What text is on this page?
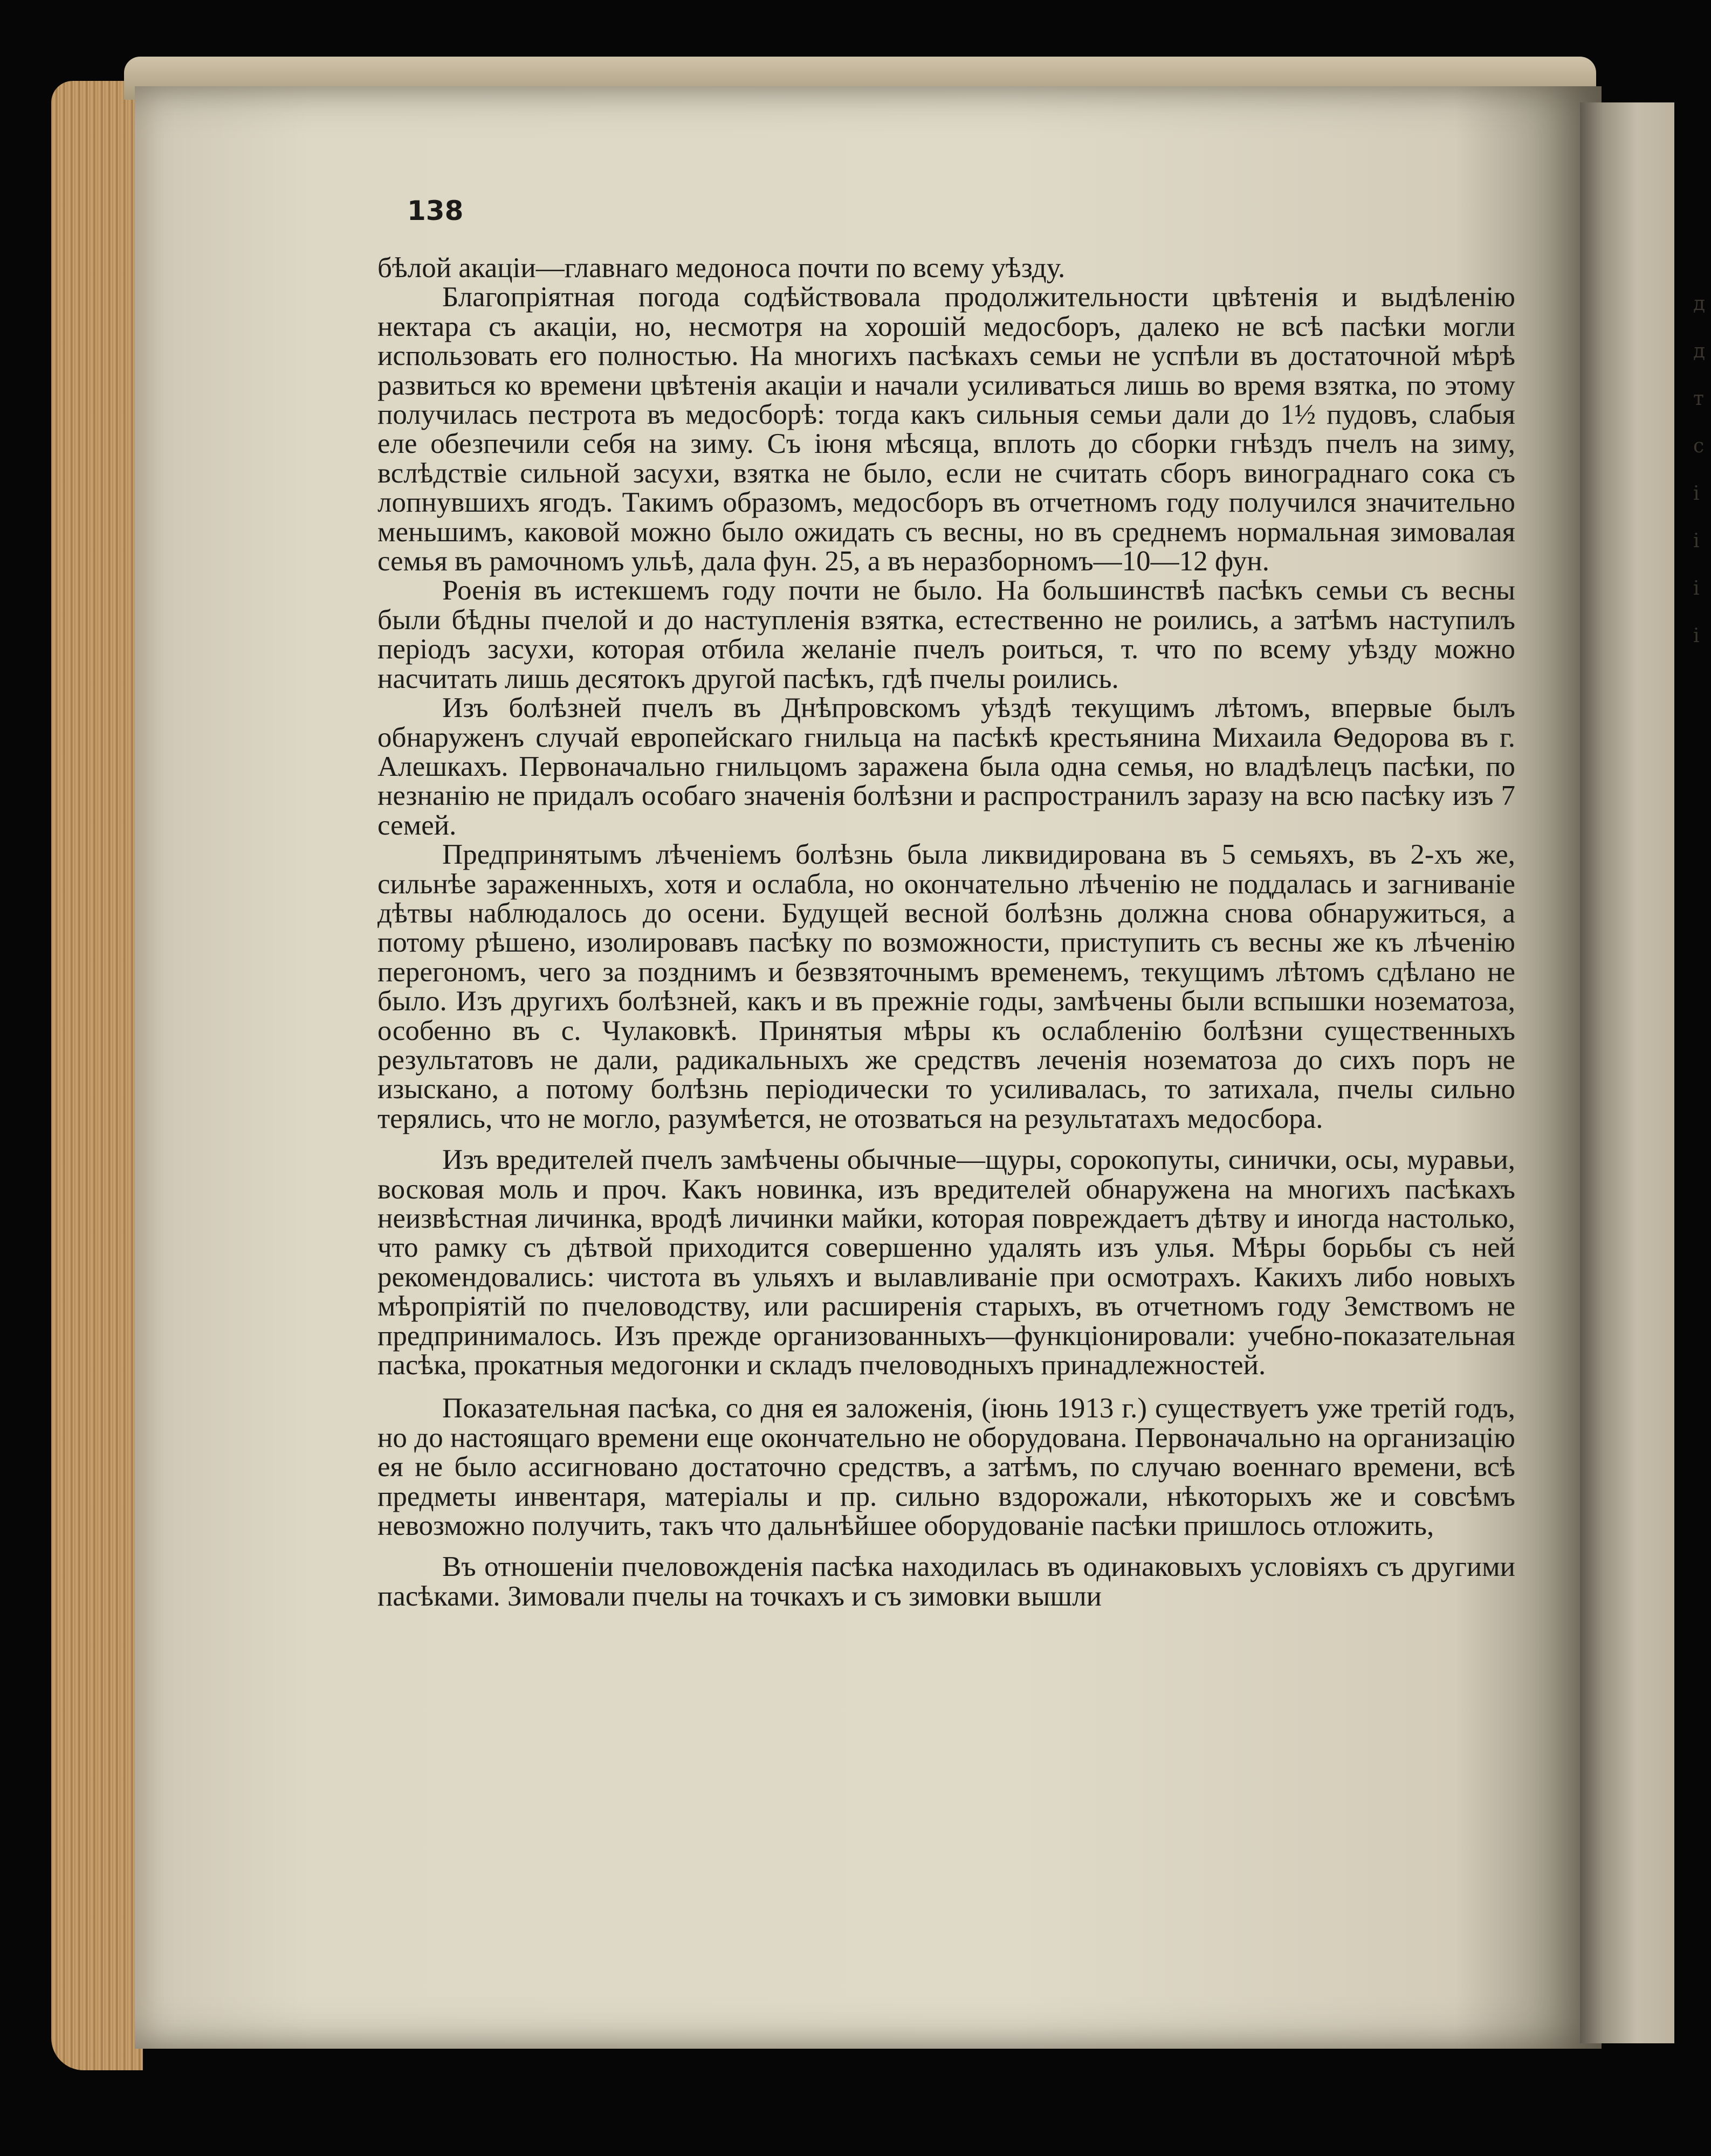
д
д
т
с
і
і
і
і
138

бѣлой акаціи—главнаго медоноса почти по всему уѣзду.

Благопріятная погода содѣйствовала продолжительности цвѣтенія и выдѣленію нектара съ акаціи, но, несмотря на хорошій медосборъ, далеко не всѣ пасѣки могли использовать его полностью. На многихъ пасѣкахъ семьи не успѣли въ достаточной мѣрѣ развиться ко времени цвѣтенія акаціи и начали усиливаться лишь во время взятка, по этому получилась пестрота въ медосборѣ: тогда какъ сильныя семьи дали до 1½ пудовъ, слабыя еле обезпечили себя на зиму. Съ іюня мѣсяца, вплоть до сборки гнѣздъ пчелъ на зиму, вслѣдствіе сильной засухи, взятка не было, если не считать сборъ винограднаго сока съ лопнувшихъ ягодъ. Такимъ образомъ, медосборъ въ отчетномъ году получился значительно меньшимъ, каковой можно было ожидать съ весны, но въ среднемъ нормальная зимовалая семья въ рамочномъ ульѣ, дала фун. 25, а въ неразборномъ—10—12 фун.

Роенія въ истекшемъ году почти не было. На большинствѣ пасѣкъ семьи съ весны были бѣдны пчелой и до наступленія взятка, естественно не роились, а затѣмъ наступилъ періодъ засухи, которая отбила желаніе пчелъ роиться, т. что по всему уѣзду можно насчитать лишь десятокъ другой пасѣкъ, гдѣ пчелы роились.

Изъ болѣзней пчелъ въ Днѣпровскомъ уѣздѣ текущимъ лѣтомъ, впервые былъ обнаруженъ случай европейскаго гнильца на пасѣкѣ крестьянина Михаила Ѳедорова въ г. Алешкахъ. Первоначально гнильцомъ заражена была одна семья, но владѣлецъ пасѣки, по незнанію не придалъ особаго значенія болѣзни и распространилъ заразу на всю пасѣку изъ 7 семей.

Предпринятымъ лѣченіемъ болѣзнь была ликвидирована въ 5 семьяхъ, въ 2-хъ же, сильнѣе зараженныхъ, хотя и ослабла, но окончательно лѣченію не поддалась и загниваніе дѣтвы наблюдалось до осени. Будущей весной болѣзнь должна снова обнаружиться, а потому рѣшено, изолировавъ пасѣку по возможности, приступить съ весны же къ лѣченію перегономъ, чего за позднимъ и безвзяточнымъ временемъ, текущимъ лѣтомъ сдѣлано не было. Изъ другихъ болѣзней, какъ и въ прежніе годы, замѣчены были вспышки нозематоза, особенно въ с. Чулаковкѣ. Принятыя мѣры къ ослабленію болѣзни существенныхъ результатовъ не дали, радикальныхъ же средствъ леченія нозематоза до сихъ поръ не изыскано, а потому болѣзнь періодически то усиливалась, то затихала, пчелы сильно терялись, что не могло, разумѣется, не отозваться на результатахъ медосбора.

Изъ вредителей пчелъ замѣчены обычные—щуры, сорокопуты, синички, осы, муравьи, восковая моль и проч. Какъ новинка, изъ вредителей обнаружена на многихъ пасѣкахъ неизвѣстная личинка, вродѣ личинки майки, которая повреждаетъ дѣтву и иногда настолько, что рамку съ дѣтвой приходится совершенно удалять изъ улья. Мѣры борьбы съ ней рекомендовались: чистота въ ульяхъ и вылавливаніе при осмотрахъ. Какихъ либо новыхъ мѣропріятій по пчеловодству, или расширенія старыхъ, въ отчетномъ году Земствомъ не предпринималось. Изъ прежде организованныхъ—функціонировали: учебно-показательная пасѣка, прокатныя медогонки и складъ пчеловодныхъ принадлежностей.

Показательная пасѣка, со дня ея заложенія, (іюнь 1913 г.) существуетъ уже третій годъ, но до настоящаго времени еще окончательно не оборудована. Первоначально на организацію ея не было ассигновано достаточно средствъ, а затѣмъ, по случаю военнаго времени, всѣ предметы инвентаря, матеріалы и пр. сильно вздорожали, нѣкоторыхъ же и совсѣмъ невозможно получить, такъ что дальнѣйшее оборудованіе пасѣки пришлось отложить,

Въ отношеніи пчеловожденія пасѣка находилась въ одинаковыхъ условіяхъ съ другими пасѣками. Зимовали пчелы на точкахъ и съ зимовки вышли
